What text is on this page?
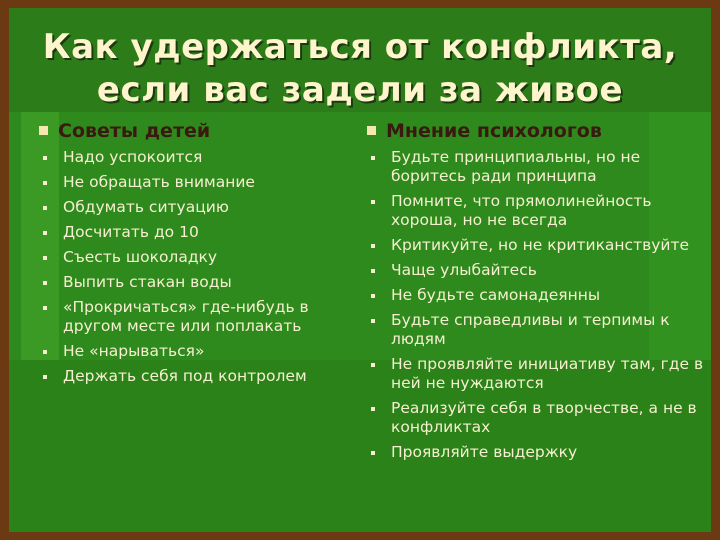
Как удержаться от конфликта,
если вас задели за живое
Советы детей
Надо успокоится
Не обращать внимание
Обдумать ситуацию
Досчитать до 10
Съесть шоколадку
Выпить стакан воды
«Прокричаться» где-нибудь в другом месте или поплакать
Не «нарываться»
Держать себя под контролем
Мнение психологов
Будьте принципиальны, но не боритесь ради принципа
Помните, что прямолинейность хороша, но не всегда
Критикуйте, но не критиканствуйте
Чаще улыбайтесь
Не будьте самонадеянны
Будьте справедливы и терпимы к людям
Не проявляйте инициативу там, где в ней не нуждаются
Реализуйте себя в творчестве, а не в конфликтах
Проявляйте выдержку
